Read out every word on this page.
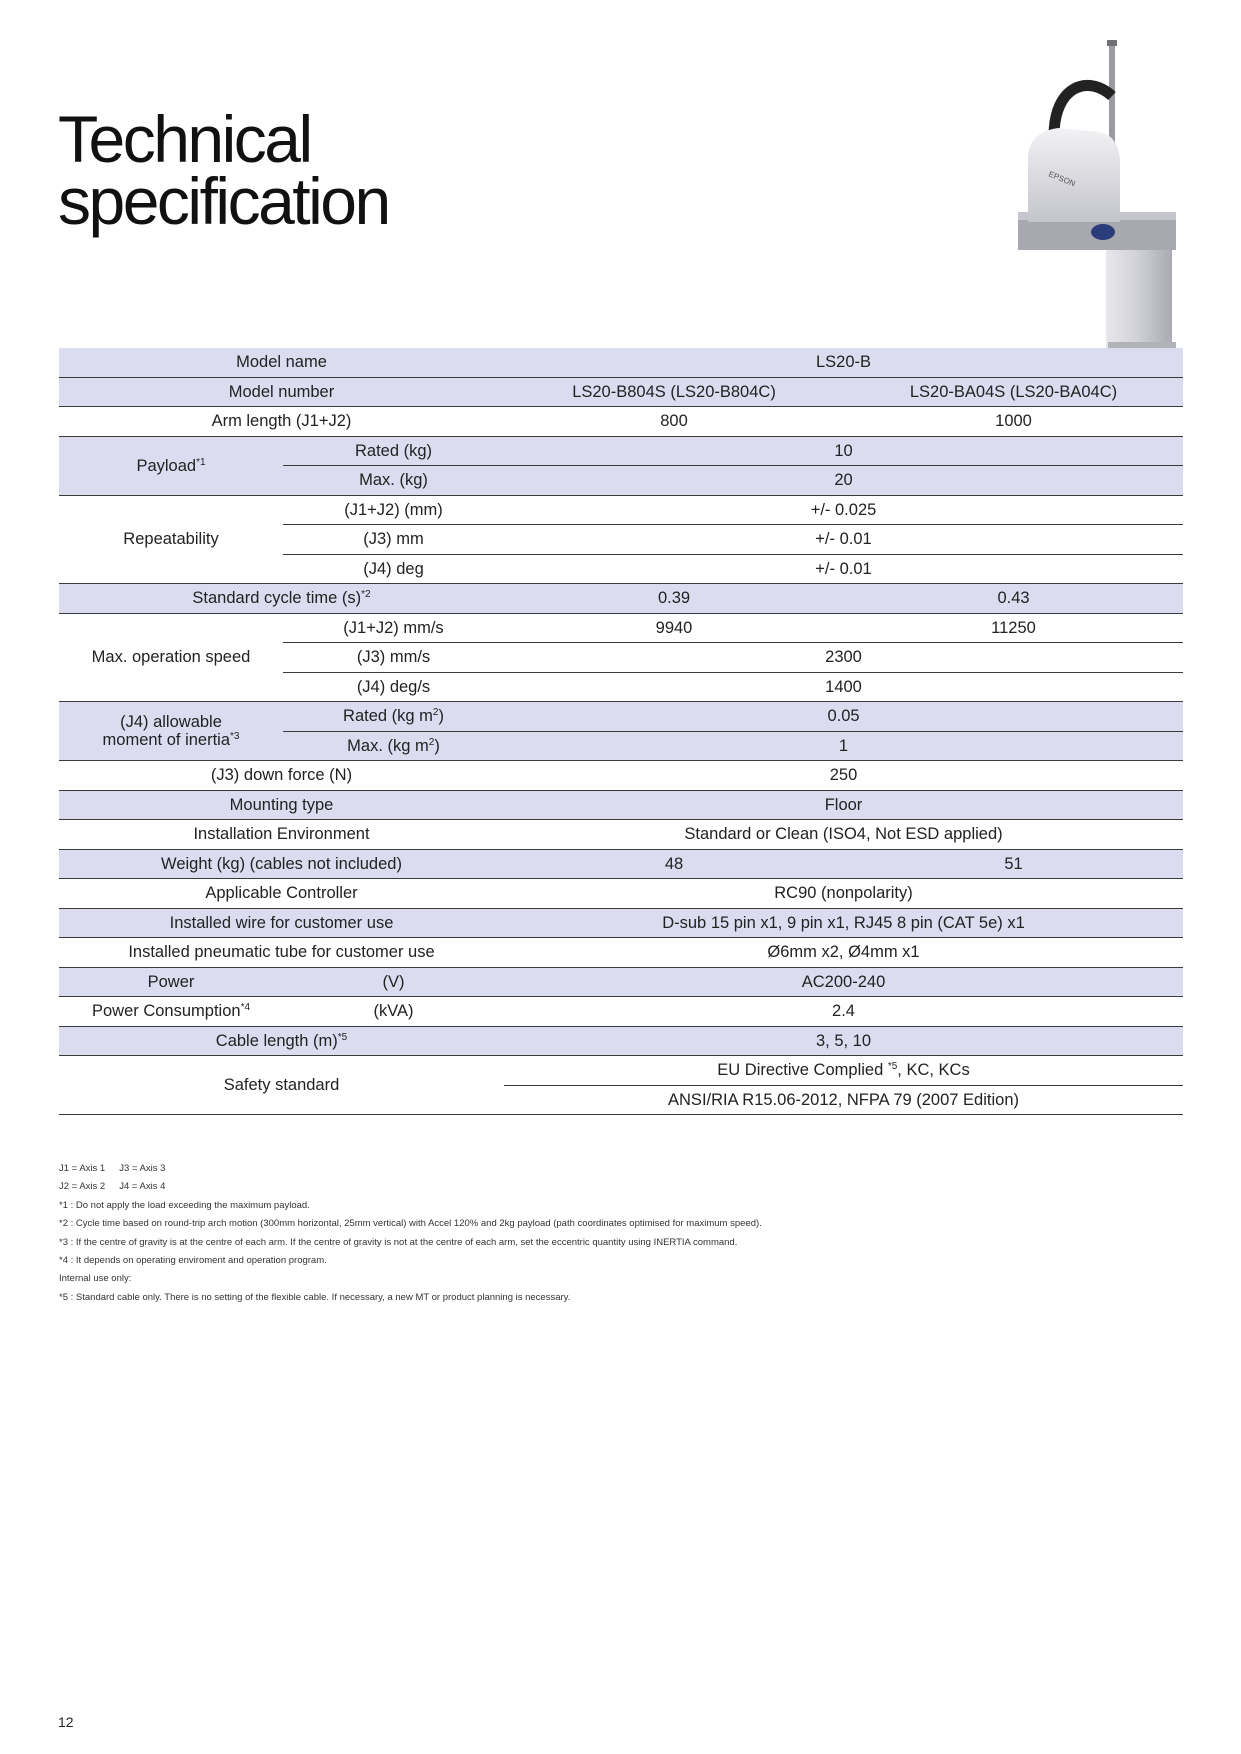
Technical
specification	EPSON
Model name		LS20-B	
Model number		LS20-B804S (LS20-B804C)	LS20-BA04S (LS20-BA04C)
Arm length (J1+J2)		800	1000
Payload$^{*1}$	Rated (kg)	10	
	Max. (kg)	20	
Repeatability	(J1+J2) (mm)	+/- 0.025	
	(J3) mm	+/- 0.01	
	(J4) deg	+/- 0.01	
Standard cycle time $(s)^{*2}$		0.39	0.43
Max. operation speed	(J1+J2) mm/s	9940	11250
	(J3) mm/s	2300	
	(J4) deg/s	1400	
(J4) allowable
moment of inertia$^{*3}$	Rated (kg $m^2$)	0.05	
	Max. (kg $m^2$)	1	
(J3) down force (N)		250	
Mounting type		Floor	
Installation Environment		Standard or Clean (ISO4, Not ESD applied)	
Weight (kg) (cables not included)		48	51
Applicable Controller		RC90 (nonpolarity)	
Installed wire for customer use		D-sub 15 pin x1, 9 pin x1, RJ45 8 pin (CAT 5e) x1	
Installed pneumatic tube for customer use		Ø6mm x2, Ø4mm x1	
Power	(V)	AC200-240	
Power Consumption$^{*4}$	(kVA)	2.4	
Cable length $(m)^{*5}$		3, 5, 10	
Safety standard		EU Directive Complied $^{*5}$, KC, KCs	
		ANSI/RIA R15.06-2012, NFPA 79 (2007 Edition)	
J1 = Axis 1 J3 = Axis 3
J2 = Axis 2 J4 = Axis 4
*1 : Do not apply the load exceeding the maximum payload.
*2 : Cycle time based on round-trip arch motion (300mm horizontal, 25mm vertical) with Accel 120% and 2kg payload (path coordinates optimised for maximum speed).
*3 : If the centre of gravity is at the centre of each arm. If the centre of gravity is not at the centre of each arm, set the eccentric quantity using INERTIA command.
*4 : It depends on operating enviroment and operation program.
Internal use only:
*5 : Standard cable only. There is no setting of the flexible cable. If necessary, a new MT or product planning is necessary.
12
